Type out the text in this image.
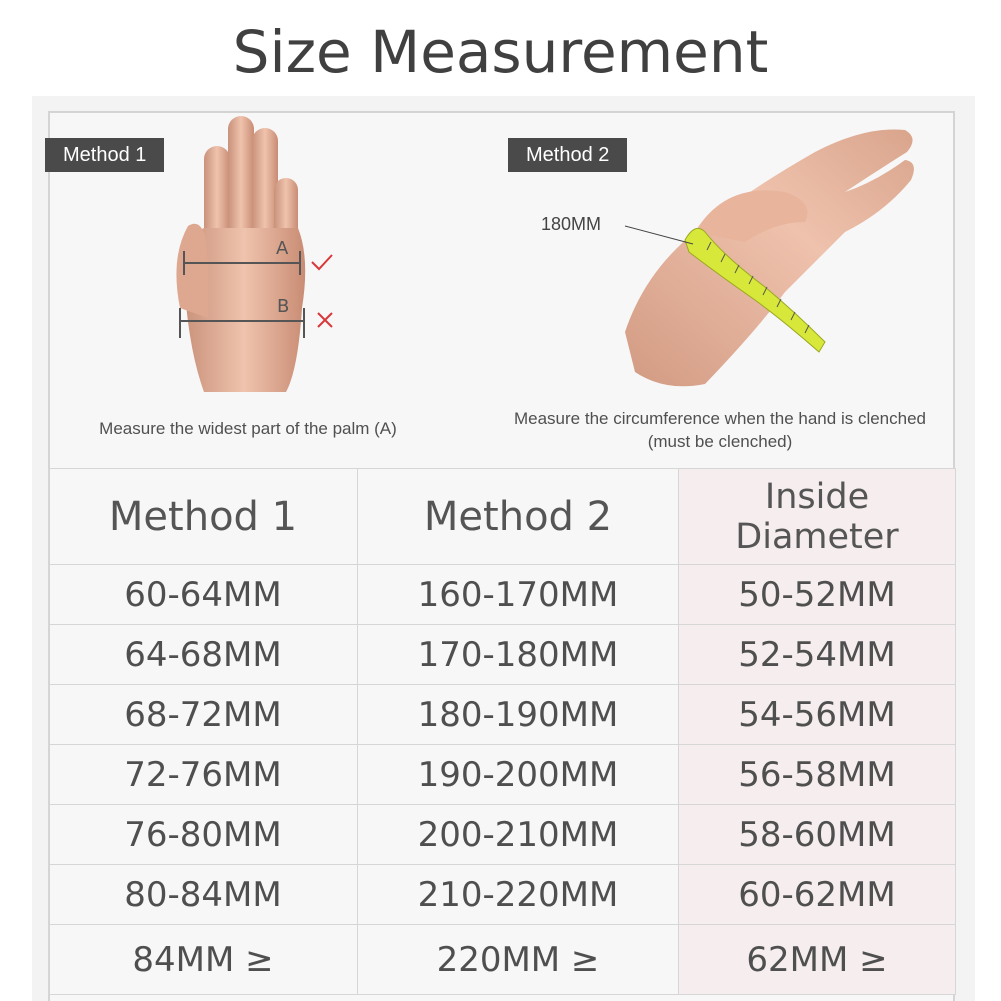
Size Measurement
Method 1
A
B
Measure the widest part of the palm (A)
Method 2
180MM
Measure the circumference when the hand is clenched
(must be clenched)
Method 1	Method 2	Inside Diameter
60-64MM	160-170MM	50-52MM
64-68MM	170-180MM	52-54MM
68-72MM	180-190MM	54-56MM
72-76MM	190-200MM	56-58MM
76-80MM	200-210MM	58-60MM
80-84MM	210-220MM	60-62MM
84MM ≥	220MM ≥	62MM ≥
